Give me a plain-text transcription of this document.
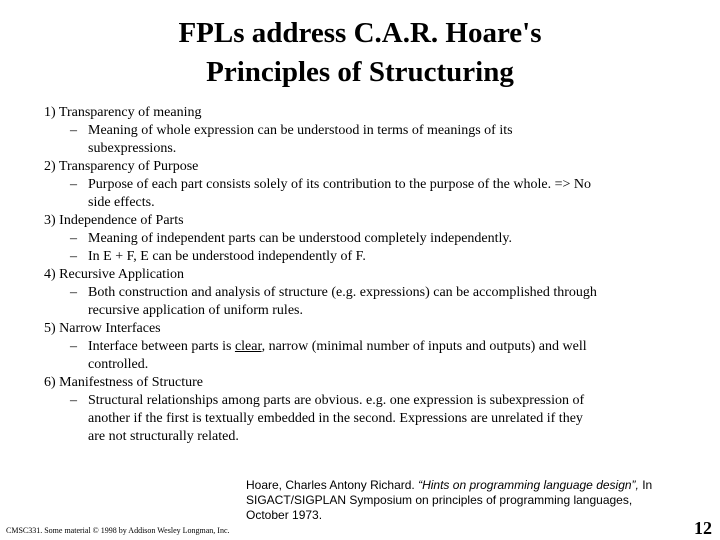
FPLs address C.A.R. Hoare's
Principles of Structuring
1) Transparency of meaning
– Meaning of whole expression can be understood in terms of meanings of its
subexpressions.
2) Transparency of Purpose
– Purpose of each part consists solely of its contribution to the purpose of the whole. => No
side effects.
3) Independence of Parts
– Meaning of independent parts can be understood completely independently.
– In E + F, E can be understood independently of F.
4) Recursive Application
– Both construction and analysis of structure (e.g. expressions) can be accomplished through
recursive application of uniform rules.
5) Narrow Interfaces
– Interface between parts is clear, narrow (minimal number of inputs and outputs) and well
controlled.
6) Manifestness of Structure
– Structural relationships among parts are obvious. e.g. one expression is subexpression of
another if the first is textually embedded in the second. Expressions are unrelated if they
are not structurally related.
Hoare, Charles Antony Richard. “Hints on programming language design”, In
SIGACT/SIGPLAN Symposium on principles of programming languages,
October 1973.
CMSC331. Some material © 1998 by Addison Wesley Longman, Inc.	12
